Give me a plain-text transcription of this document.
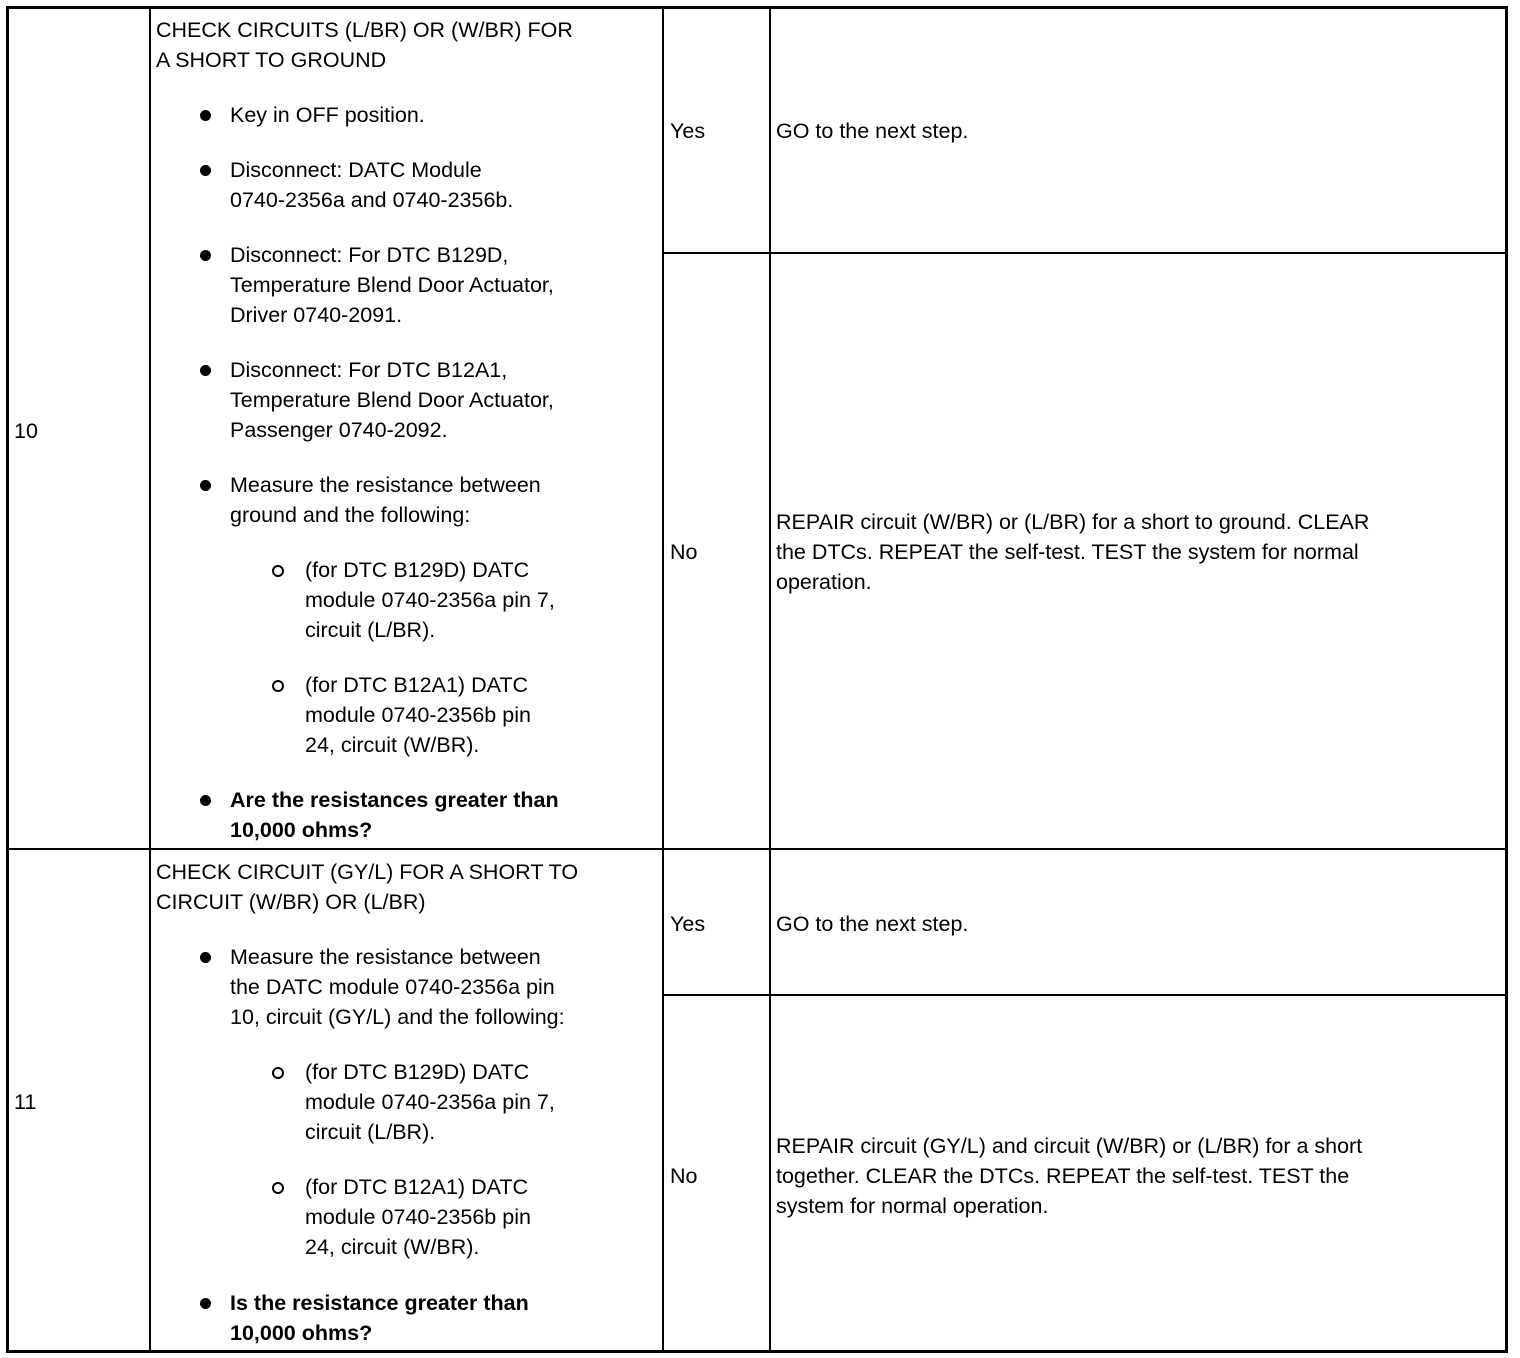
10
CHECK CIRCUITS (L/BR) OR (W/BR) FOR
A SHORT TO GROUND
Key in OFF position.
Disconnect: DATC Module
0740-2356a and 0740-2356b.
Disconnect: For DTC B129D,
Temperature Blend Door Actuator,
Driver 0740-2091.
Disconnect: For DTC B12A1,
Temperature Blend Door Actuator,
Passenger 0740-2092.
Measure the resistance between
ground and the following:
(for DTC B129D) DATC
module 0740-2356a pin 7,
circuit (L/BR).
(for DTC B12A1) DATC
module 0740-2356b pin
24, circuit (W/BR).
Are the resistances greater than
10,000 ohms?
Yes	GO to the next step.
No
REPAIR circuit (W/BR) or (L/BR) for a short to ground. CLEAR
the DTCs. REPEAT the self-test. TEST the system for normal
operation.
11
CHECK CIRCUIT (GY/L) FOR A SHORT TO
CIRCUIT (W/BR) OR (L/BR)
Measure the resistance between
the DATC module 0740-2356a pin
10, circuit (GY/L) and the following:
(for DTC B129D) DATC
module 0740-2356a pin 7,
circuit (L/BR).
(for DTC B12A1) DATC
module 0740-2356b pin
24, circuit (W/BR).
Is the resistance greater than
10,000 ohms?
Yes	GO to the next step.
No
REPAIR circuit (GY/L) and circuit (W/BR) or (L/BR) for a short
together. CLEAR the DTCs. REPEAT the self-test. TEST the
system for normal operation.
